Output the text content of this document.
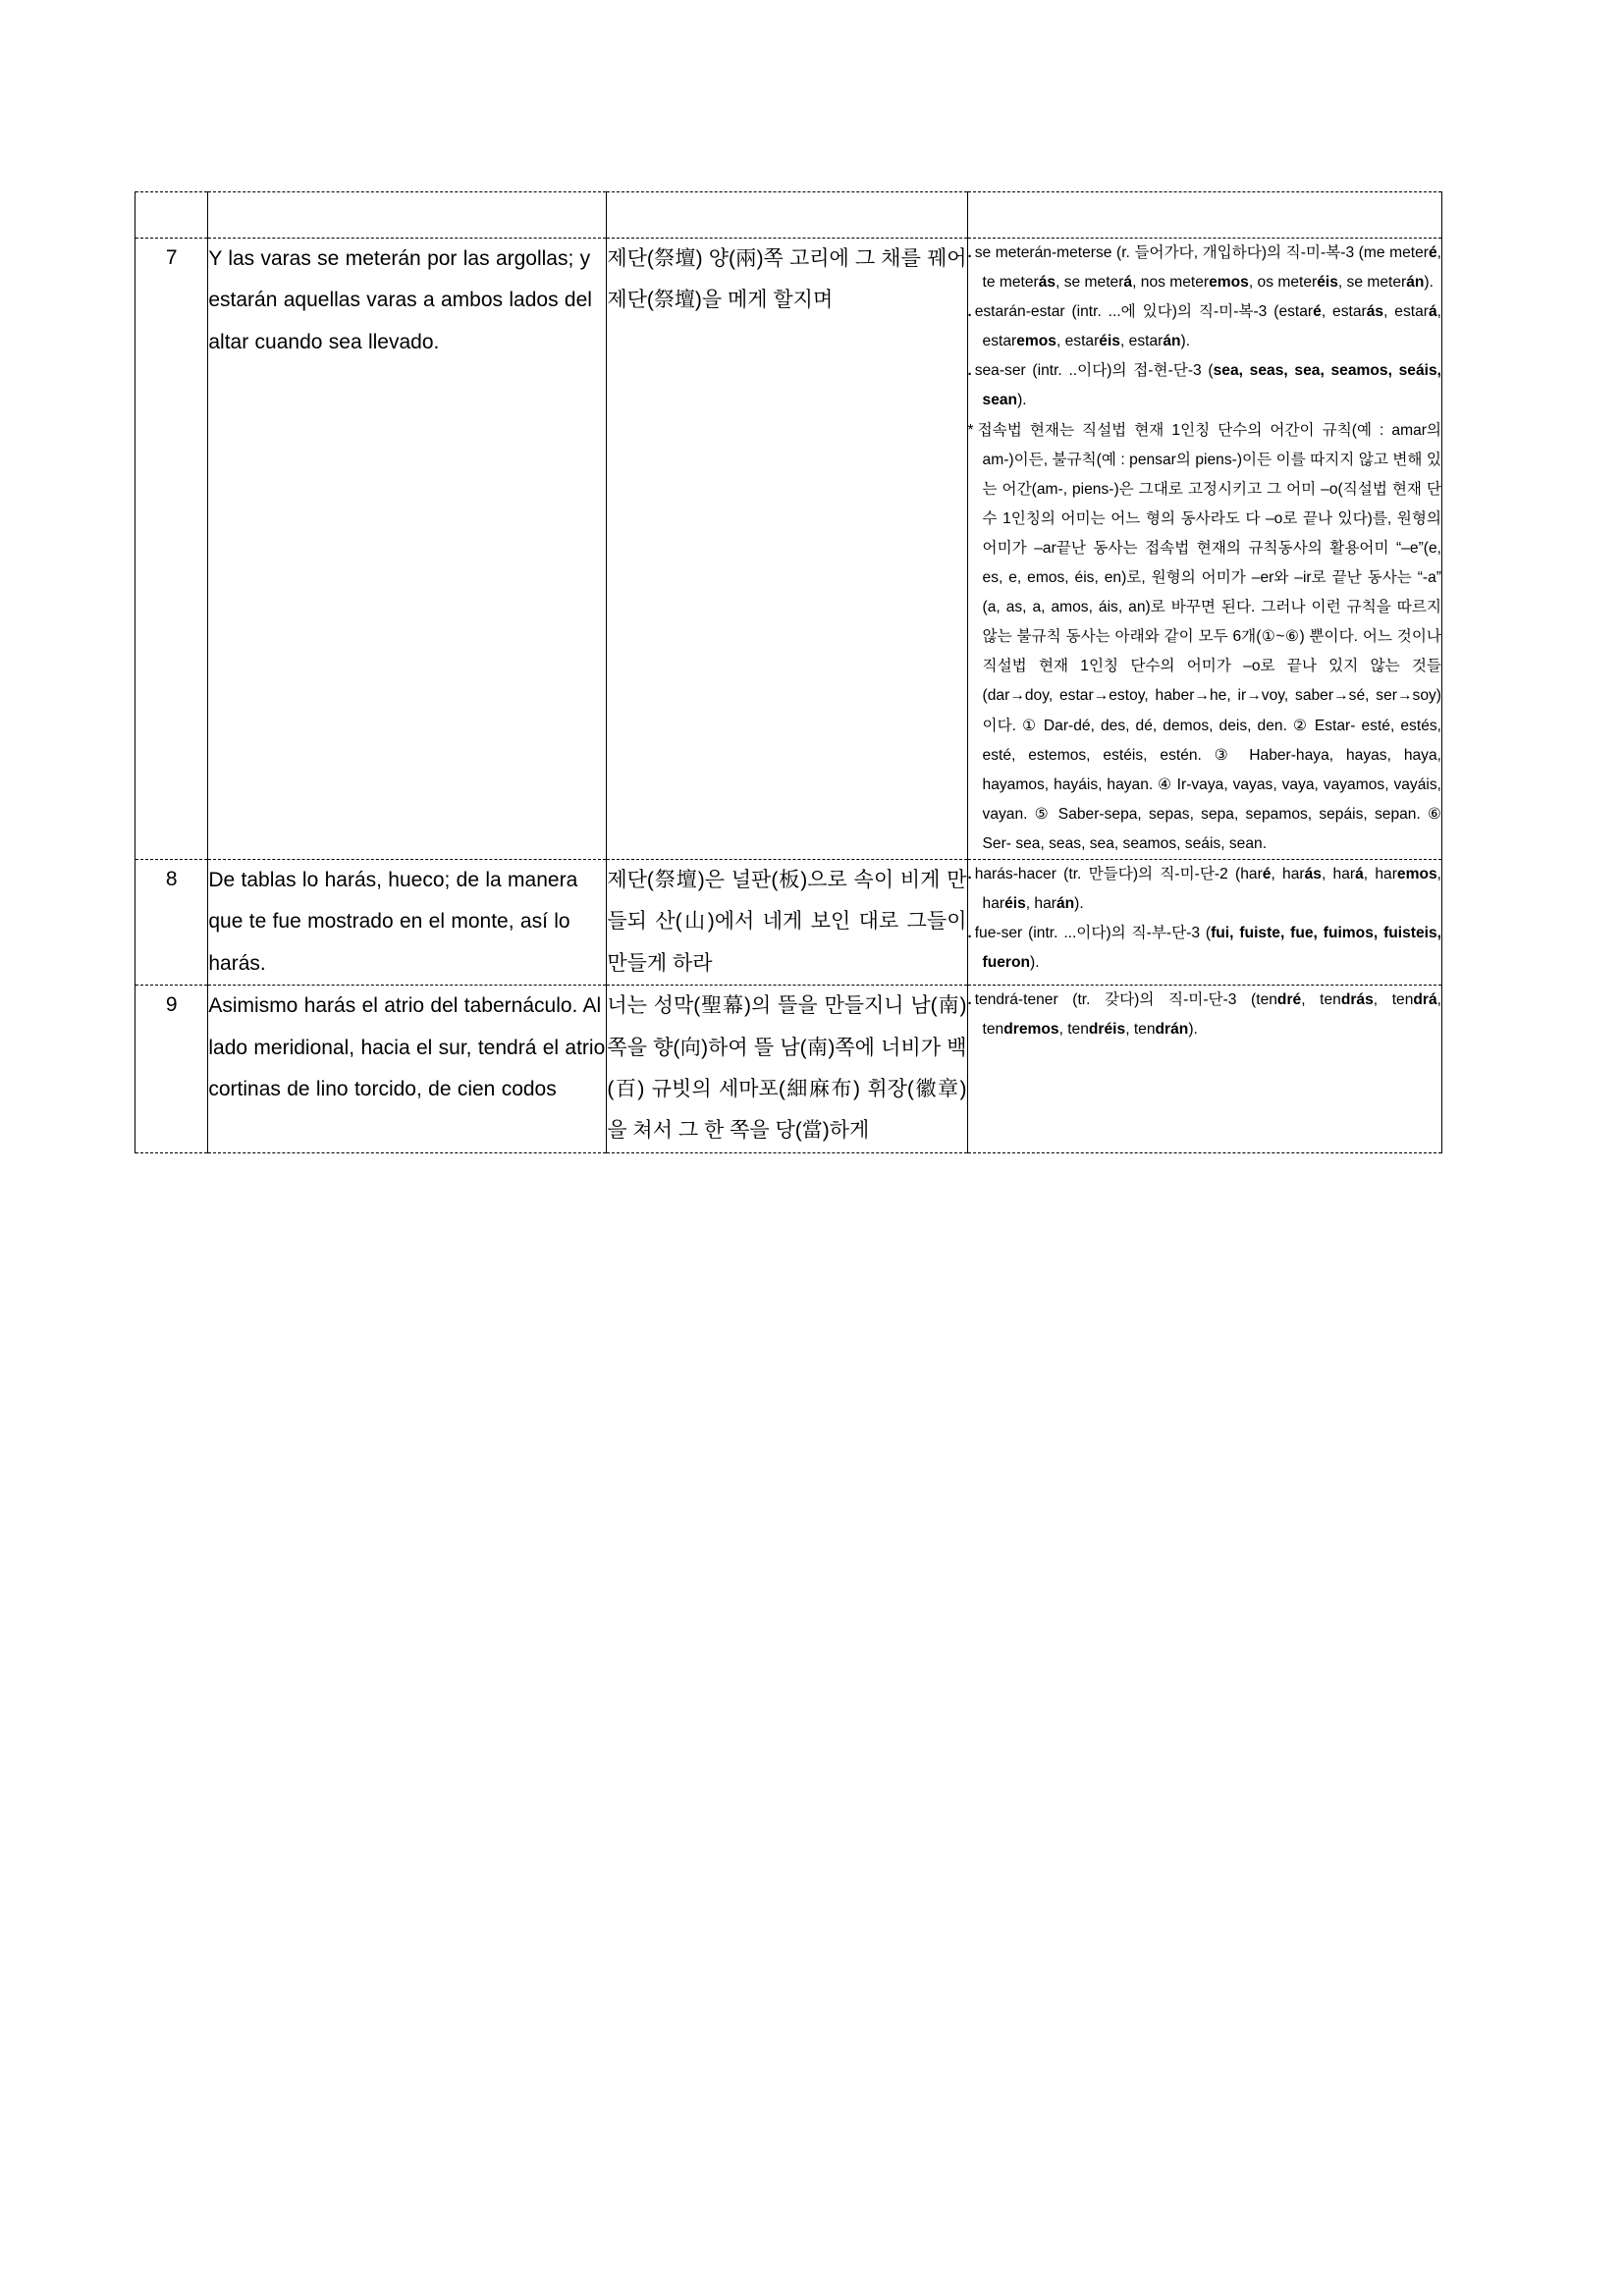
7	Y las varas se meterán por las argollas; y estarán aquellas varas a ambos lados del altar cuando sea llevado.	제단(祭壇) 양(兩)쪽 고리에 그 채를 꿰어 제단(祭壇)을 메게 할지며	. se meterán-meterse (r. 들어가다, 개입하다)의 직-미-복-3 (me meteré, te meterás, se meterá, nos meteremos, os meteréis, se meterán).
. estarán-estar (intr. ...에 있다)의 직-미-복-3 (estaré, estarás, estará, estaremos, estaréis, estarán).
. sea-ser (intr. ..이다)의 접-현-단-3 (sea, seas, sea, seamos, seáis, sean).
* 접속법 현재는 직설법 현재 1인칭 단수의 어간이 규칙(예 : amar의 am-)이든, 불규칙(예 : pensar의 piens-)이든 이를 따지지 않고 변해 있는 어간(am-, piens-)은 그대로 고정시키고 그 어미 –o(직설법 현재 단수 1인칭의 어미는 어느 형의 동사라도 다 –o로 끝나 있다)를, 원형의 어미가 –ar끝난 동사는 접속법 현재의 규칙동사의 활용어미 “–e”(e, es, e, emos, éis, en)로, 원형의 어미가 –er와 –ir로 끝난 동사는 “-a” (a, as, a, amos, áis, an)로 바꾸면 된다. 그러나 이런 규칙을 따르지 않는 불규칙 동사는 아래와 같이 모두 6개(①~⑥) 뿐이다. 어느 것이나 직설법 현재 1인칭 단수의 어미가 –o로 끝나 있지 않는 것들(dar→doy, estar→estoy, haber→he, ir→voy, saber→sé, ser→soy)이다. ① Dar-dé, des, dé, demos, deis, den. ② Estar- esté, estés, esté, estemos, estéis, estén. ③ Haber-haya, hayas, haya, hayamos, hayáis, hayan. ④ Ir-vaya, vayas, vaya, vayamos, vayáis, vayan. ⑤ Saber-sepa, sepas, sepa, sepamos, sepáis, sepan. ⑥ Ser- sea, seas, sea, seamos, seáis, sean.

8	De tablas lo harás, hueco; de la manera que te fue mostrado en el monte, así lo harás.	제단(祭壇)은 널판(板)으로 속이 비게 만들되 산(山)에서 네게 보인 대로 그들이 만들게 하라	. harás-hacer (tr. 만들다)의 직-미-단-2 (haré, harás, hará, haremos, haréis, harán).
. fue-ser (intr. ...이다)의 직-부-단-3 (fui, fuiste, fue, fuimos, fuisteis, fueron).

9	Asimismo harás el atrio del tabernáculo. Al lado meridional, hacia el sur, tendrá el atrio cortinas de lino torcido, de cien codos	너는 성막(聖幕)의 뜰을 만들지니 남(南)쪽을 향(向)하여 뜰 남(南)쪽에 너비가 백(百) 규빗의 세마포(細麻布) 휘장(徽章)을 쳐서 그 한 쪽을 당(當)하게	. tendrá-tener (tr. 갖다)의 직-미-단-3 (tendré, tendrás, tendrá, tendremos, tendréis, tendrán).
